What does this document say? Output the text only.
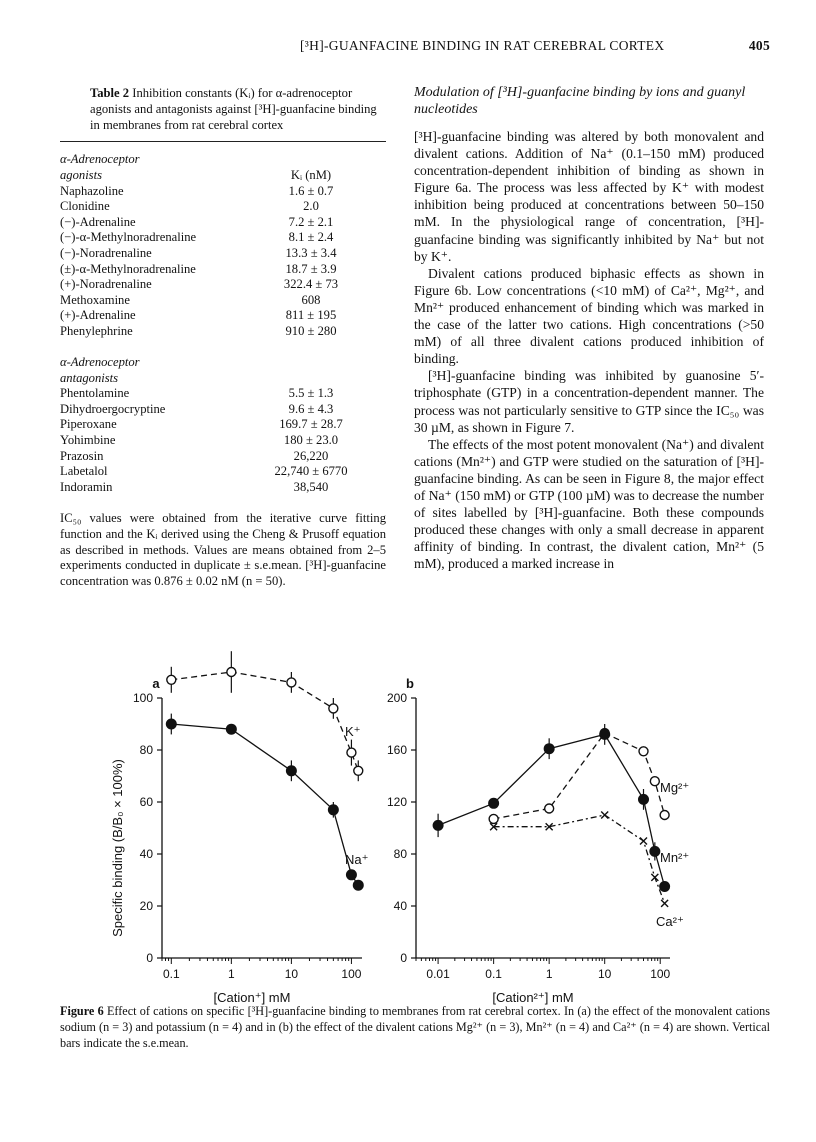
[³H]-GUANFACINE BINDING IN RAT CEREBRAL CORTEX	405
Table 2 Inhibition constants (Kᵢ) for α-adrenoceptor agonists and antagonists against [³H]-guanfacine binding in membranes from rat cerebral cortex
α-Adrenoceptor	
agonists	Kᵢ (nM)
Naphazoline	1.6 ± 0.7
Clonidine	2.0
(−)-Adrenaline	7.2 ± 2.1
(−)-α-Methylnoradrenaline	8.1 ± 2.4
(−)-Noradrenaline	13.3 ± 3.4
(±)-α-Methylnoradrenaline	18.7 ± 3.9
(+)-Noradrenaline	322.4 ± 73
Methoxamine	608
(+)-Adrenaline	811 ± 195
Phenylephrine	910 ± 280

α-Adrenoceptor	
antagonists	
Phentolamine	5.5 ± 1.3
Dihydroergocryptine	9.6 ± 4.3
Piperoxane	169.7 ± 28.7
Yohimbine	180 ± 23.0
Prazosin	26,220
Labetalol	22,740 ± 6770
Indoramin	38,540
IC₅₀ values were obtained from the iterative curve fitting function and the Kᵢ derived using the Cheng & Prusoff equation as described in methods. Values are means obtained from 2–5 experiments conducted in duplicate ± s.e.mean. [³H]-guanfacine concentration was 0.876 ± 0.02 nM (n = 50).
Modulation of [³H]-guanfacine binding by ions and guanyl nucleotides

[³H]-guanfacine binding was altered by both monovalent and divalent cations. Addition of Na⁺ (0.1–150 mM) produced concentration-dependent inhibition of binding as shown in Figure 6a. The process was less affected by K⁺ with modest inhibition being produced at concentrations between 50–150 mM. In the physiological range of concentration, [³H]-guanfacine binding was significantly inhibited by Na⁺ but not by K⁺.

Divalent cations produced biphasic effects as shown in Figure 6b. Low concentrations (<10 mM) of Ca²⁺, Mg²⁺, and Mn²⁺ produced enhancement of binding which was marked in the case of the latter two cations. High concentrations (>50 mM) of all three divalent cations produced inhibition of binding.

[³H]-guanfacine binding was inhibited by guanosine 5′-triphosphate (GTP) in a concentration-dependent manner. The process was not particularly sensitive to GTP since the IC₅₀ was 30 µM, as shown in Figure 7.

The effects of the most potent monovalent (Na⁺) and divalent cations (Mn²⁺) and GTP were studied on the saturation of [³H]-guanfacine binding. As can be seen in Figure 8, the major effect of Na⁺ (150 mM) or GTP (100 µM) was to decrease the number of sites labelled by [³H]-guanfacine. Both these compounds produced these changes with only a small decrease in apparent affinity of binding. In contrast, the divalent cation, Mn²⁺ (5 mM), produced a marked increase in

a
0
20
40
60
80
100
0.1	1	10	100
[Cation⁺] mM
Specific binding (B/B₀ × 100%)
b
0
40
80
120
160
200
0.01	0.1	1	10	100
[Cation²⁺] mM
K⁺
Na⁺
Mg²⁺
Mn²⁺
Ca²⁺
Figure 6 Effect of cations on specific [³H]-guanfacine binding to membranes from rat cerebral cortex. In (a) the effect of the monovalent cations sodium (n = 3) and potassium (n = 4) and in (b) the effect of the divalent cations Mg²⁺ (n = 3), Mn²⁺ (n = 4) and Ca²⁺ (n = 4) are shown. Vertical bars indicate the s.e.mean.
